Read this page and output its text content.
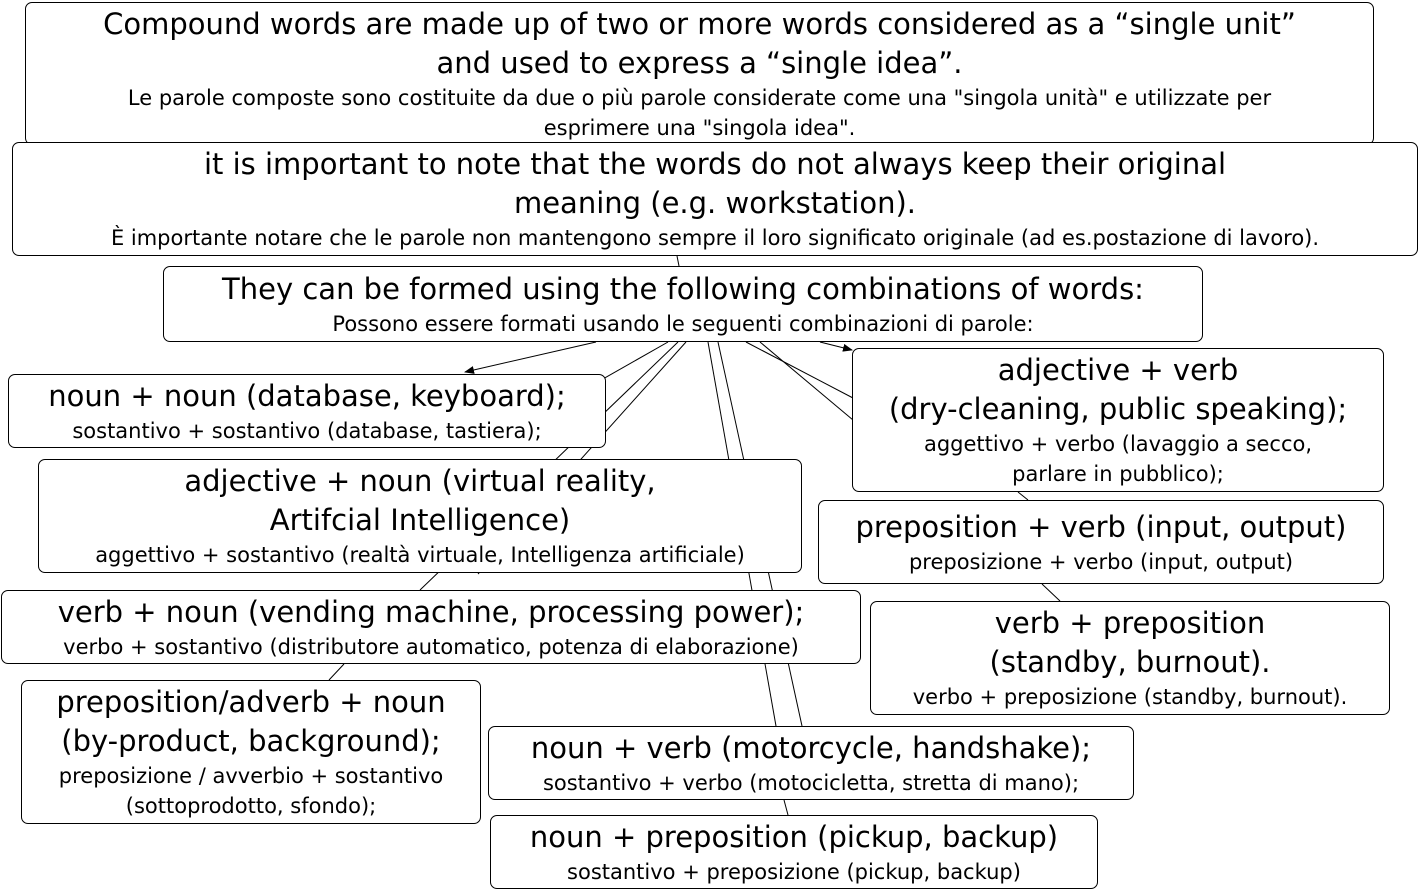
Compound words are made up of two or more words considered as a “single unit”
and used to express a “single idea”.
Le parole composte sono costituite da due o più parole considerate come una "singola unità" e utilizzate per
esprimere una "singola idea".
it is important to note that the words do not always keep their original
meaning (e.g. workstation).
È importante notare che le parole non mantengono sempre il loro significato originale (ad es.postazione di lavoro).
They can be formed using the following combinations of words:
Possono essere formati usando le seguenti combinazioni di parole:
noun + noun (database, keyboard);
sostantivo + sostantivo (database, tastiera);
adjective + verb
(dry-cleaning, public speaking);
aggettivo + verbo (lavaggio a secco,
parlare in pubblico);
adjective + noun (virtual reality,
Artifcial Intelligence)
aggettivo + sostantivo (realtà virtuale, Intelligenza artificiale)
preposition + verb (input, output)
preposizione + verbo (input, output)
verb + noun (vending machine, processing power);
verbo + sostantivo (distributore automatico, potenza di elaborazione)
verb + preposition
(standby, burnout).
verbo + preposizione (standby, burnout).
preposition/adverb + noun
(by-product, background);
preposizione / avverbio + sostantivo
(sottoprodotto, sfondo);
noun + verb (motorcycle, handshake);
sostantivo + verbo (motocicletta, stretta di mano);
noun + preposition (pickup, backup)
sostantivo + preposizione (pickup, backup)
